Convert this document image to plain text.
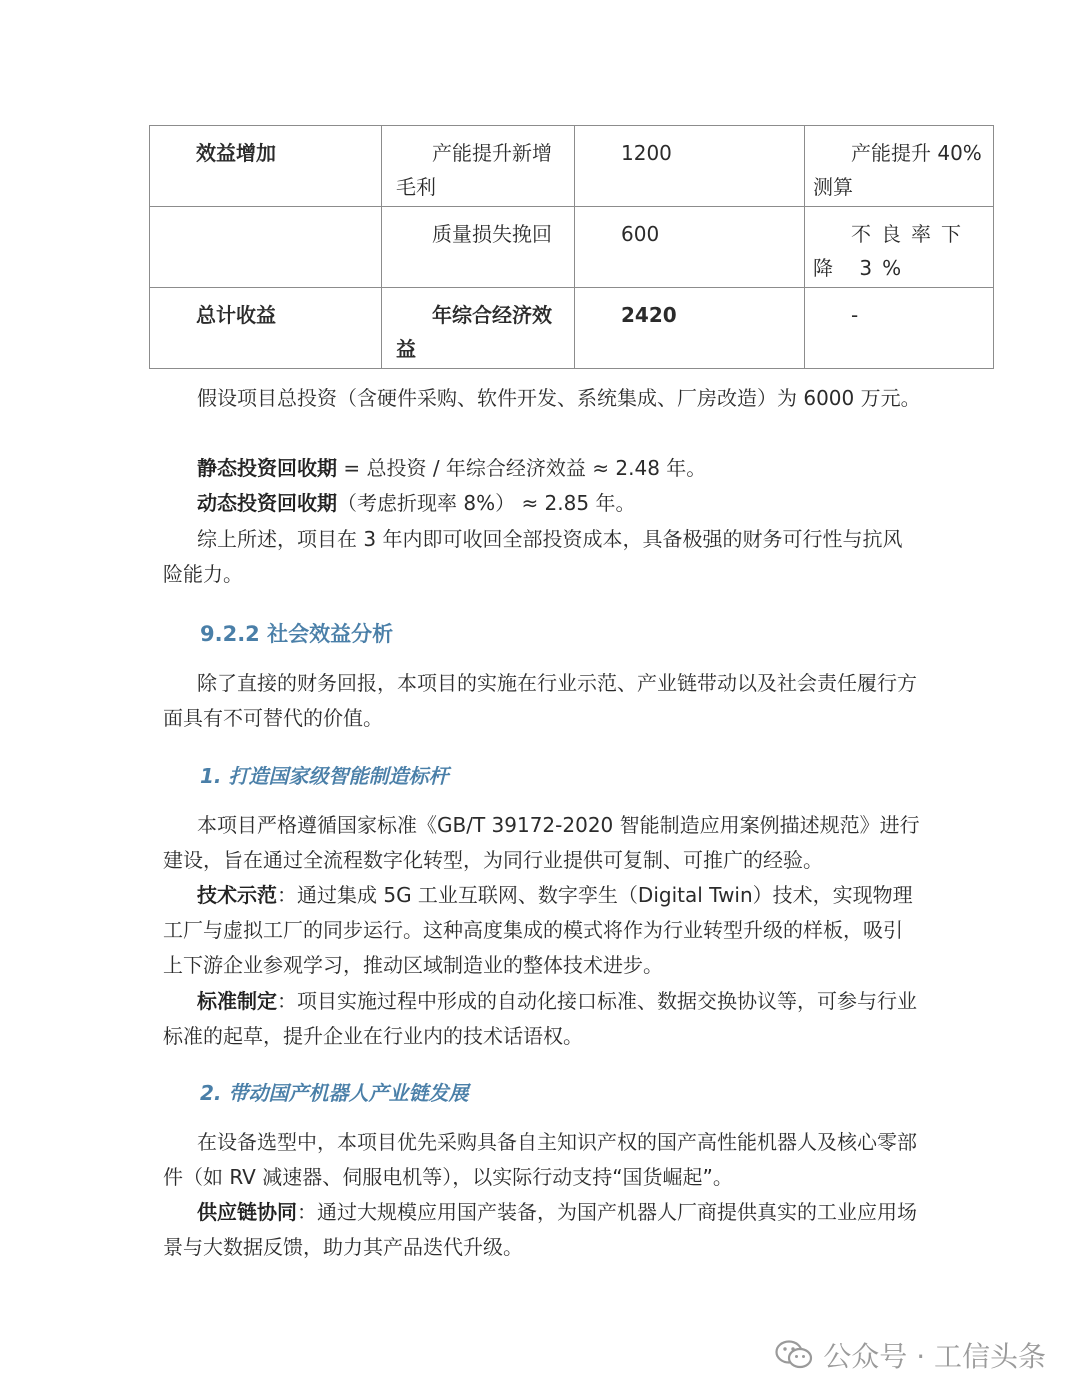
效益增加	产能提升新增毛利	1200	产能提升 40%测算
	质量损失挽回	600	不良率下降 3%
总计收益	年综合经济效益	2420	-

假设项目总投资（含硬件采购、软件开发、系统集成、厂房改造）为 6000 万元。

静态投资回收期 = 总投资 / 年综合经济效益 ≈ 2.48 年。

动态投资回收期（考虑折现率 8%） ≈ 2.85 年。

综上所述，项目在 3 年内即可收回全部投资成本，具备极强的财务可行性与抗风险能力。

9.2.2 社会效益分析

除了直接的财务回报，本项目的实施在行业示范、产业链带动以及社会责任履行方面具有不可替代的价值。

1. 打造国家级智能制造标杆

本项目严格遵循国家标准《GB/T 39172-2020 智能制造应用案例描述规范》进行建设，旨在通过全流程数字化转型，为同行业提供可复制、可推广的经验。

技术示范：通过集成 5G 工业互联网、数字孪生（Digital Twin）技术，实现物理工厂与虚拟工厂的同步运行。这种高度集成的模式将作为行业转型升级的样板，吸引上下游企业参观学习，推动区域制造业的整体技术进步。

标准制定：项目实施过程中形成的自动化接口标准、数据交换协议等，可参与行业标准的起草，提升企业在行业内的技术话语权。

2. 带动国产机器人产业链发展

在设备选型中，本项目优先采购具备自主知识产权的国产高性能机器人及核心零部件（如 RV 减速器、伺服电机等），以实际行动支持“国货崛起”。

供应链协同：通过大规模应用国产装备，为国产机器人厂商提供真实的工业应用场景与大数据反馈，助力其产品迭代升级。

公众号 · 工信头条
